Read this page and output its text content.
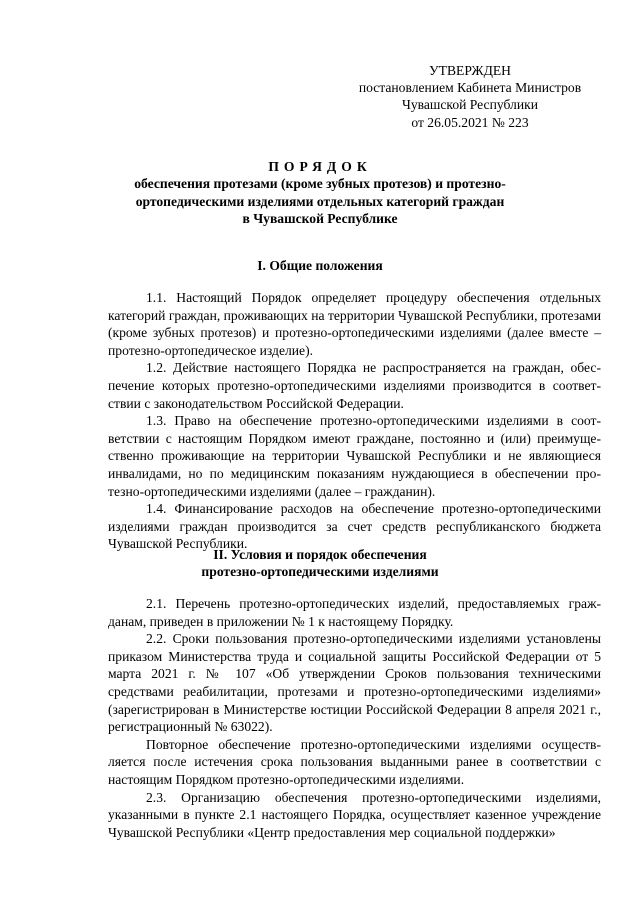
УТВЕРЖДЕН
постановлением Кабинета Министров
Чувашской Республики
от 26.05.2021 № 223
ПОРЯДОК
обеспечения протезами (кроме зубных протезов) и протезно-
ортопедическими изделиями отдельных категорий граждан
в Чувашской Республике
I. Общие положения

1.1. Настоящий Порядок определяет процедуру обеспечения отдельных категорий граждан, проживающих на территории Чувашской Республики, протезами (кроме зубных протезов) и протезно-ортопедическими изделиями (далее вместе – протезно-ортопедическое изделие).

1.2. Действие настоящего Порядка не распространяется на граждан, обеспечение которых протезно-ортопедическими изделиями производится в соответствии с законодательством Российской Федерации.

1.3. Право на обеспечение протезно-ортопедическими изделиями в соответствии с настоящим Порядком имеют граждане, постоянно и (или) преимущественно проживающие на территории Чувашской Республики и не являющиеся инвалидами, но по медицинским показаниям нуждающиеся в обеспечении протезно-ортопедическими изделиями (далее – гражданин).

1.4. Финансирование расходов на обеспечение протезно-ортопедическими изделиями граждан производится за счет средств республиканского бюджета Чувашской Республики.

II. Условия и порядок обеспечения
протезно-ортопедическими изделиями

2.1. Перечень протезно-ортопедических изделий, предоставляемых гражданам, приведен в приложении № 1 к настоящему Порядку.

2.2. Сроки пользования протезно-ортопедическими изделиями установлены приказом Министерства труда и социальной защиты Российской Федерации от 5 марта 2021 г. № 107 «Об утверждении Сроков пользования техническими средствами реабилитации, протезами и протезно-ортопедическими изделиями» (зарегистрирован в Министерстве юстиции Российской Федерации 8 апреля 2021 г., регистрационный № 63022).

Повторное обеспечение протезно-ортопедическими изделиями осуществляется после истечения срока пользования выданными ранее в соответствии с настоящим Порядком протезно-ортопедическими изделиями.

2.3. Организацию обеспечения протезно-ортопедическими изделиями, указанными в пункте 2.1 настоящего Порядка, осуществляет казенное учреждение Чувашской Республики «Центр предоставления мер социальной поддержки»
